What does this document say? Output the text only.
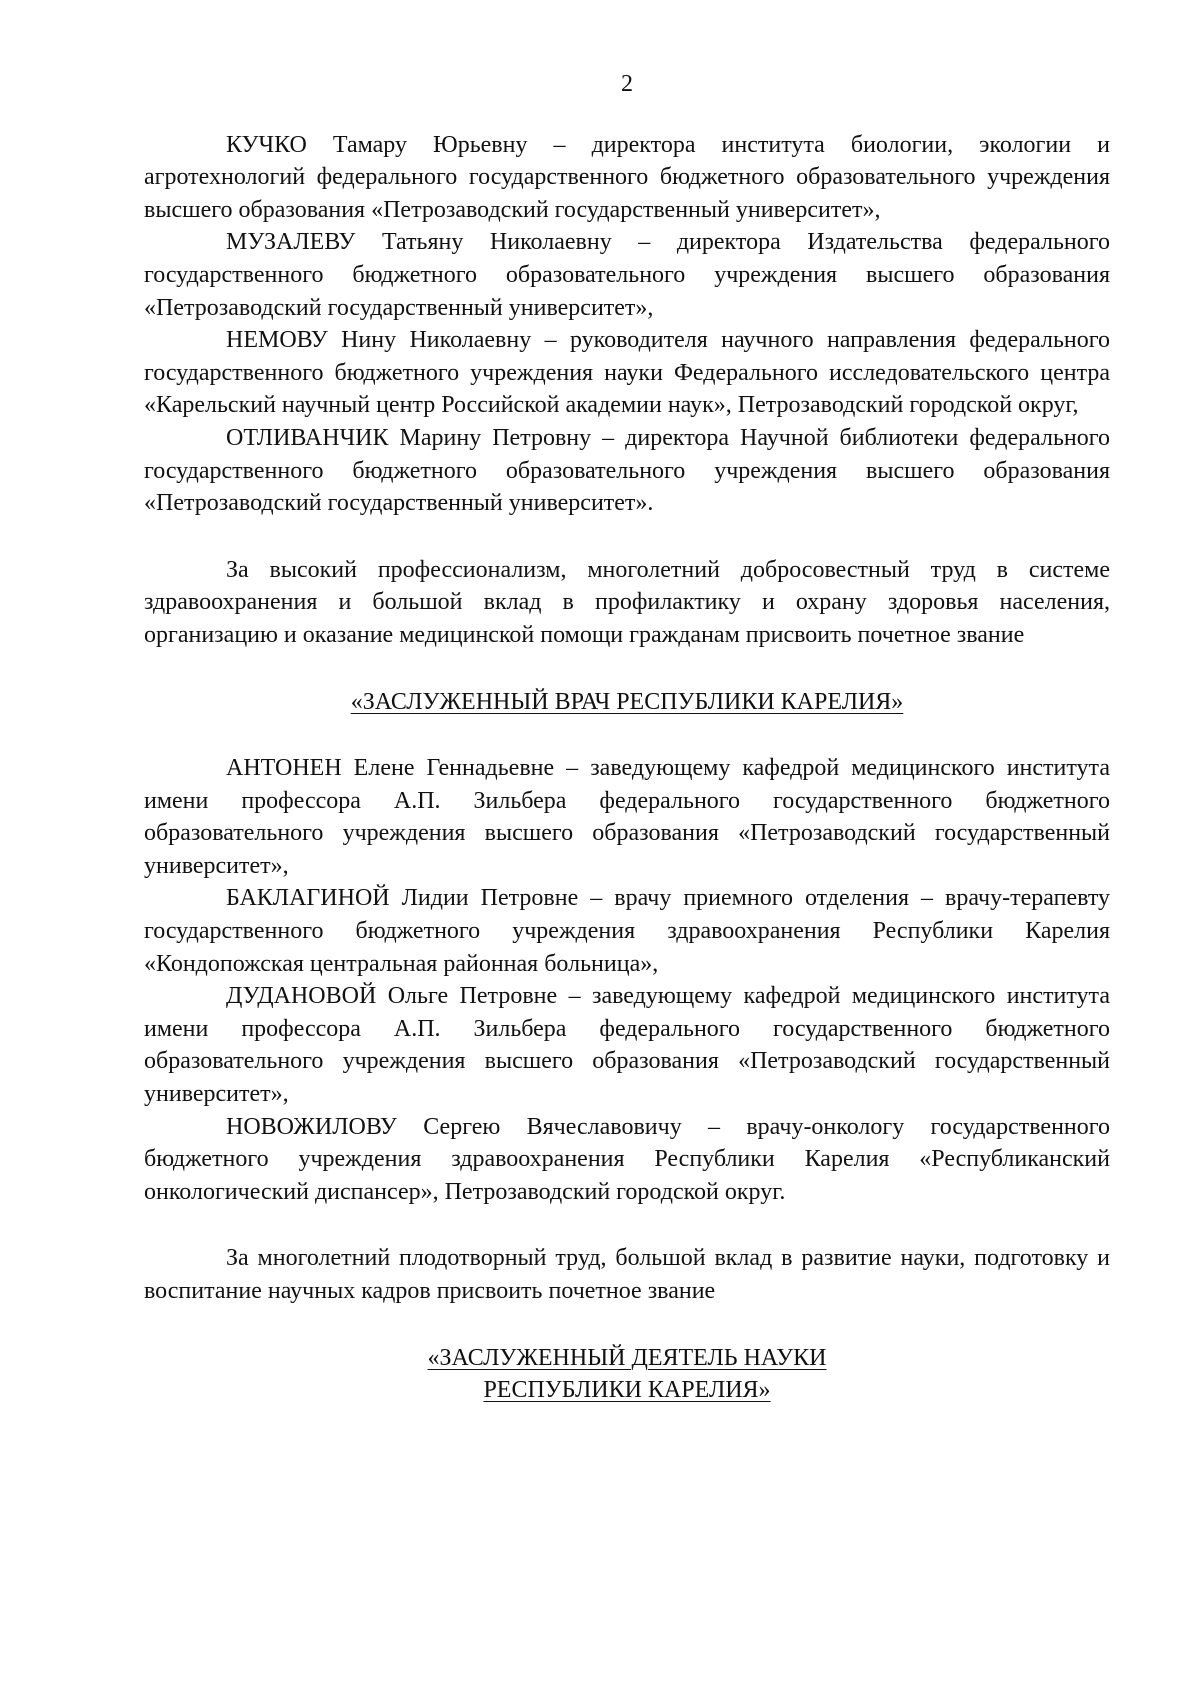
2

КУЧКО Тамару Юрьевну – директора института биологии, экологии и агротехнологий федерального государственного бюджетного образовательного учреждения высшего образования «Петрозаводский государственный университет»,

МУЗАЛЕВУ Татьяну Николаевну – директора Издательства федерального государственного бюджетного образовательного учреждения высшего образования «Петрозаводский государственный университет»,

НЕМОВУ Нину Николаевну – руководителя научного направления федерального государственного бюджетного учреждения науки Федерального исследовательского центра «Карельский научный центр Российской академии наук», Петрозаводский городской округ,

ОТЛИВАНЧИК Марину Петровну – директора Научной библиотеки федерального государственного бюджетного образовательного учреждения высшего образования «Петрозаводский государственный университет».

За высокий профессионализм, многолетний добросовестный труд в системе здравоохранения и большой вклад в профилактику и охрану здоровья населения, организацию и оказание медицинской помощи гражданам присвоить почетное звание

«ЗАСЛУЖЕННЫЙ ВРАЧ РЕСПУБЛИКИ КАРЕЛИЯ»

АНТОНЕН Елене Геннадьевне – заведующему кафедрой медицинского института имени профессора А.П. Зильбера федерального государственного бюджетного образовательного учреждения высшего образования «Петрозаводский государственный университет»,

БАКЛАГИНОЙ Лидии Петровне – врачу приемного отделения – врачу-терапевту государственного бюджетного учреждения здравоохранения Республики Карелия «Кондопожская центральная районная больница»,

ДУДАНОВОЙ Ольге Петровне – заведующему кафедрой медицинского института имени профессора А.П. Зильбера федерального государственного бюджетного образовательного учреждения высшего образования «Петрозаводский государственный университет»,

НОВОЖИЛОВУ Сергею Вячеславовичу – врачу-онкологу государственного бюджетного учреждения здравоохранения Республики Карелия «Республиканский онкологический диспансер», Петрозаводский городской округ.

За многолетний плодотворный труд, большой вклад в развитие науки, подготовку и воспитание научных кадров присвоить почетное звание

«ЗАСЛУЖЕННЫЙ ДЕЯТЕЛЬ НАУКИ
РЕСПУБЛИКИ КАРЕЛИЯ»
